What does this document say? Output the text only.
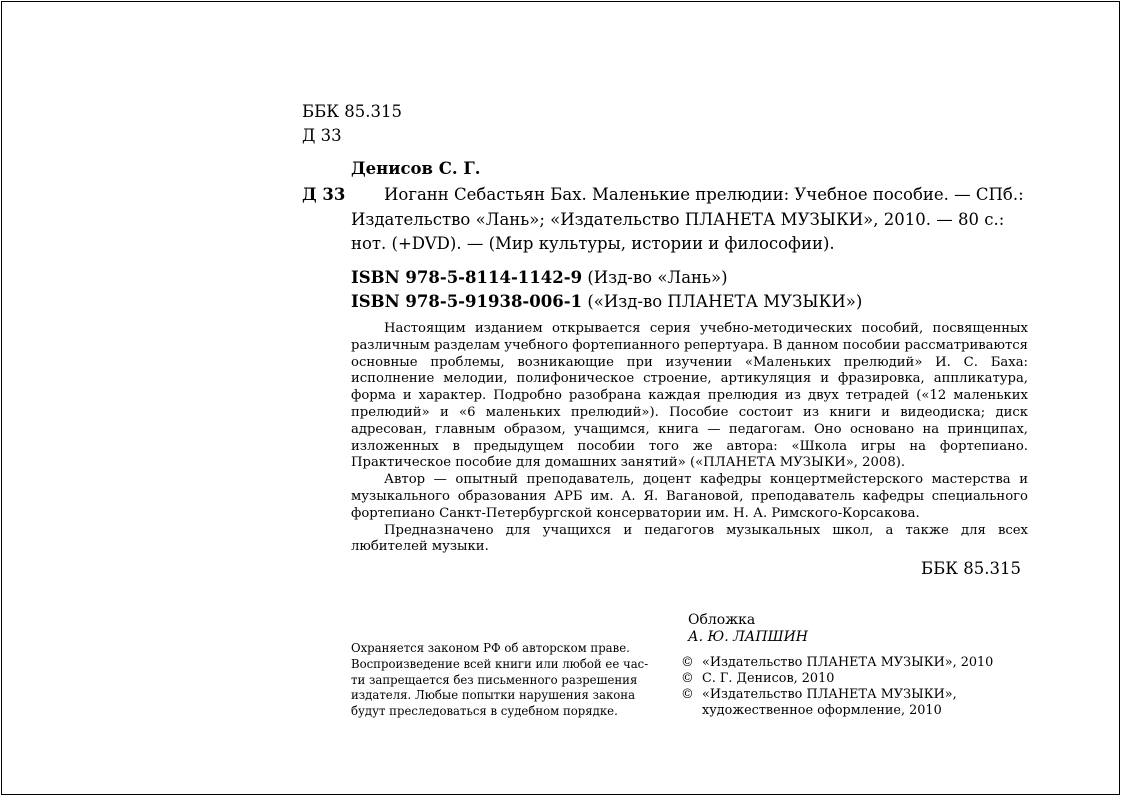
ББК 85.315
Д 33
Денисов С. Г.
Д 33 Иоганн Себастьян Бах. Маленькие прелюдии: Учебное пособие. — СПб.:
Издательство «Лань»; «Издательство ПЛАНЕТА МУЗЫКИ», 2010. — 80 с.:
нот. (+DVD). — (Мир культуры, истории и философии).
ISBN 978-5-8114-1142-9 (Изд-во «Лань»)
ISBN 978-5-91938-006-1 («Изд-во ПЛАНЕТА МУЗЫКИ»)

Настоящим изданием открывается серия учебно-методических пособий, посвященных различным разделам учебного фортепианного репертуара. В данном пособии рассматриваются основные проблемы, возникающие при изучении «Маленьких прелюдий» И. С. Баха: исполнение мелодии, полифоническое строение, артикуляция и фразировка, аппликатура, форма и характер. Подробно разобрана каждая прелюдия из двух тетрадей («12 маленьких прелюдий» и «6 маленьких прелюдий»). Пособие состоит из книги и видеодиска; диск адресован, главным образом, учащимся, книга — педагогам. Оно основано на принципах, изложенных в предыдущем пособии того же автора: «Школа игры на фортепиано. Практическое пособие для домашних занятий» («ПЛАНЕТА МУЗЫКИ», 2008).

Автор — опытный преподаватель, доцент кафедры концертмейстерского мастерства и музыкального образования АРБ им. А. Я. Вагановой, преподаватель кафедры специального фортепиано Санкт-Петербургской консерватории им. Н. А. Римского-Корсакова.

Предназначено для учащихся и педагогов музыкальных школ, а также для всех любителей музыки.

ББК 85.315
Обложка
А. Ю. ЛАПШИН
Охраняется законом РФ об авторском праве.
Воспроизведение всей книги или любой ее час-
ти запрещается без письменного разрешения
издателя. Любые попытки нарушения закона
будут преследоваться в судебном порядке.
© «Издательство ПЛАНЕТА МУЗЫКИ», 2010
© С. Г. Денисов, 2010
© «Издательство ПЛАНЕТА МУЗЫКИ»,
художественное оформление, 2010
